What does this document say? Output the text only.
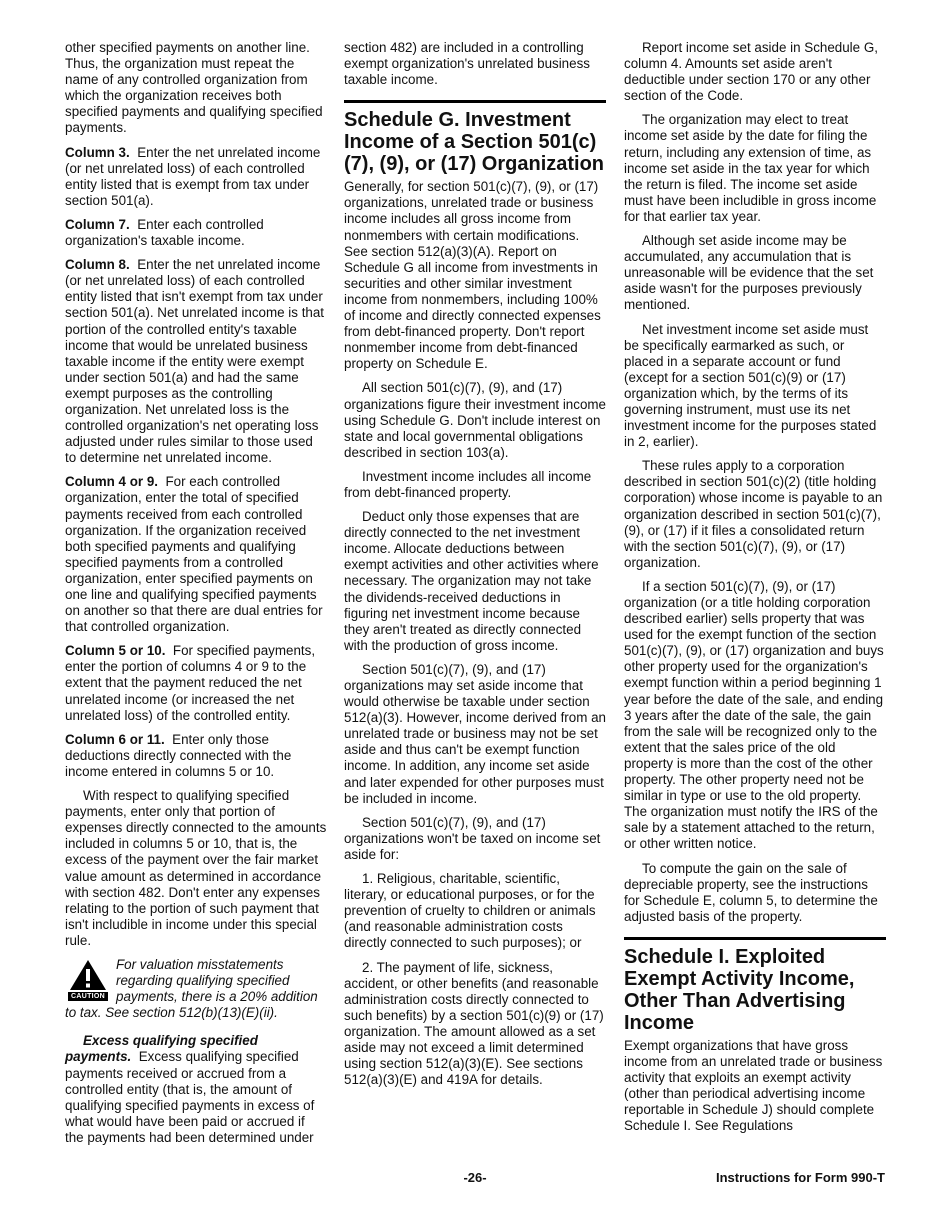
other specified payments on another line. Thus, the organization must repeat the name of any controlled organization from which the organization receives both specified payments and qualifying specified payments.

Column 3. Enter the net unrelated income (or net unrelated loss) of each controlled entity listed that is exempt from tax under section 501(a).

Column 7. Enter each controlled organization's taxable income.

Column 8. Enter the net unrelated income (or net unrelated loss) of each controlled entity listed that isn't exempt from tax under section 501(a). Net unrelated income is that portion of the controlled entity's taxable income that would be unrelated business taxable income if the entity were exempt under section 501(a) and had the same exempt purposes as the controlling organization. Net unrelated loss is the controlled organization's net operating loss adjusted under rules similar to those used to determine net unrelated income.

Column 4 or 9. For each controlled organization, enter the total of specified payments received from each controlled organization. If the organization received both specified payments and qualifying specified payments from a controlled organization, enter specified payments on one line and qualifying specified payments on another so that there are dual entries for that controlled organization.

Column 5 or 10. For specified payments, enter the portion of columns 4 or 9 to the extent that the payment reduced the net unrelated income (or increased the net unrelated loss) of the controlled entity.

Column 6 or 11. Enter only those deductions directly connected with the income entered in columns 5 or 10.

With respect to qualifying specified payments, enter only that portion of expenses directly connected to the amounts included in columns 5 or 10, that is, the excess of the payment over the fair market value amount as determined in accordance with section 482. Don't enter any expenses relating to the portion of such payment that isn't includible in income under this special rule.

CAUTION
For valuation misstatements regarding qualifying specified payments, there is a 20% addition to tax. See section 512(b)(13)(E)(ii).

Excess qualifying specified payments. Excess qualifying specified payments received or accrued from a controlled entity (that is, the amount of qualifying specified payments in excess of what would have been paid or accrued if the payments had been determined under

section 482) are included in a controlling exempt organization's unrelated business taxable income.

Schedule G. Investment Income of a Section 501(c)(7), (9), or (17) Organization

Generally, for section 501(c)(7), (9), or (17) organizations, unrelated trade or business income includes all gross income from nonmembers with certain modifications. See section 512(a)(3)(A). Report on Schedule G all income from investments in securities and other similar investment income from nonmembers, including 100% of income and directly connected expenses from debt-financed property. Don't report nonmember income from debt-financed property on Schedule E.

All section 501(c)(7), (9), and (17) organizations figure their investment income using Schedule G. Don't include interest on state and local governmental obligations described in section 103(a).

Investment income includes all income from debt-financed property.

Deduct only those expenses that are directly connected to the net investment income. Allocate deductions between exempt activities and other activities where necessary. The organization may not take the dividends-received deductions in figuring net investment income because they aren't treated as directly connected with the production of gross income.

Section 501(c)(7), (9), and (17) organizations may set aside income that would otherwise be taxable under section 512(a)(3). However, income derived from an unrelated trade or business may not be set aside and thus can't be exempt function income. In addition, any income set aside and later expended for other purposes must be included in income.

Section 501(c)(7), (9), and (17) organizations won't be taxed on income set aside for:

1. Religious, charitable, scientific, literary, or educational purposes, or for the prevention of cruelty to children or animals (and reasonable administration costs directly connected to such purposes); or

2. The payment of life, sickness, accident, or other benefits (and reasonable administration costs directly connected to such benefits) by a section 501(c)(9) or (17) organization. The amount allowed as a set aside may not exceed a limit determined using section 512(a)(3)(E). See sections 512(a)(3)(E) and 419A for details.

Report income set aside in Schedule G, column 4. Amounts set aside aren't deductible under section 170 or any other section of the Code.

The organization may elect to treat income set aside by the date for filing the return, including any extension of time, as income set aside in the tax year for which the return is filed. The income set aside must have been includible in gross income for that earlier tax year.

Although set aside income may be accumulated, any accumulation that is unreasonable will be evidence that the set aside wasn't for the purposes previously mentioned.

Net investment income set aside must be specifically earmarked as such, or placed in a separate account or fund (except for a section 501(c)(9) or (17) organization which, by the terms of its governing instrument, must use its net investment income for the purposes stated in 2, earlier).

These rules apply to a corporation described in section 501(c)(2) (title holding corporation) whose income is payable to an organization described in section 501(c)(7), (9), or (17) if it files a consolidated return with the section 501(c)(7), (9), or (17) organization.

If a section 501(c)(7), (9), or (17) organization (or a title holding corporation described earlier) sells property that was used for the exempt function of the section 501(c)(7), (9), or (17) organization and buys other property used for the organization's exempt function within a period beginning 1 year before the date of the sale, and ending 3 years after the date of the sale, the gain from the sale will be recognized only to the extent that the sales price of the old property is more than the cost of the other property. The other property need not be similar in type or use to the old property. The organization must notify the IRS of the sale by a statement attached to the return, or other written notice.

To compute the gain on the sale of depreciable property, see the instructions for Schedule E, column 5, to determine the adjusted basis of the property.

Schedule I. Exploited Exempt Activity Income, Other Than Advertising Income

Exempt organizations that have gross income from an unrelated trade or business activity that exploits an exempt activity (other than periodical advertising income reportable in Schedule J) should complete Schedule I. See Regulations

-26-	Instructions for Form 990-T
